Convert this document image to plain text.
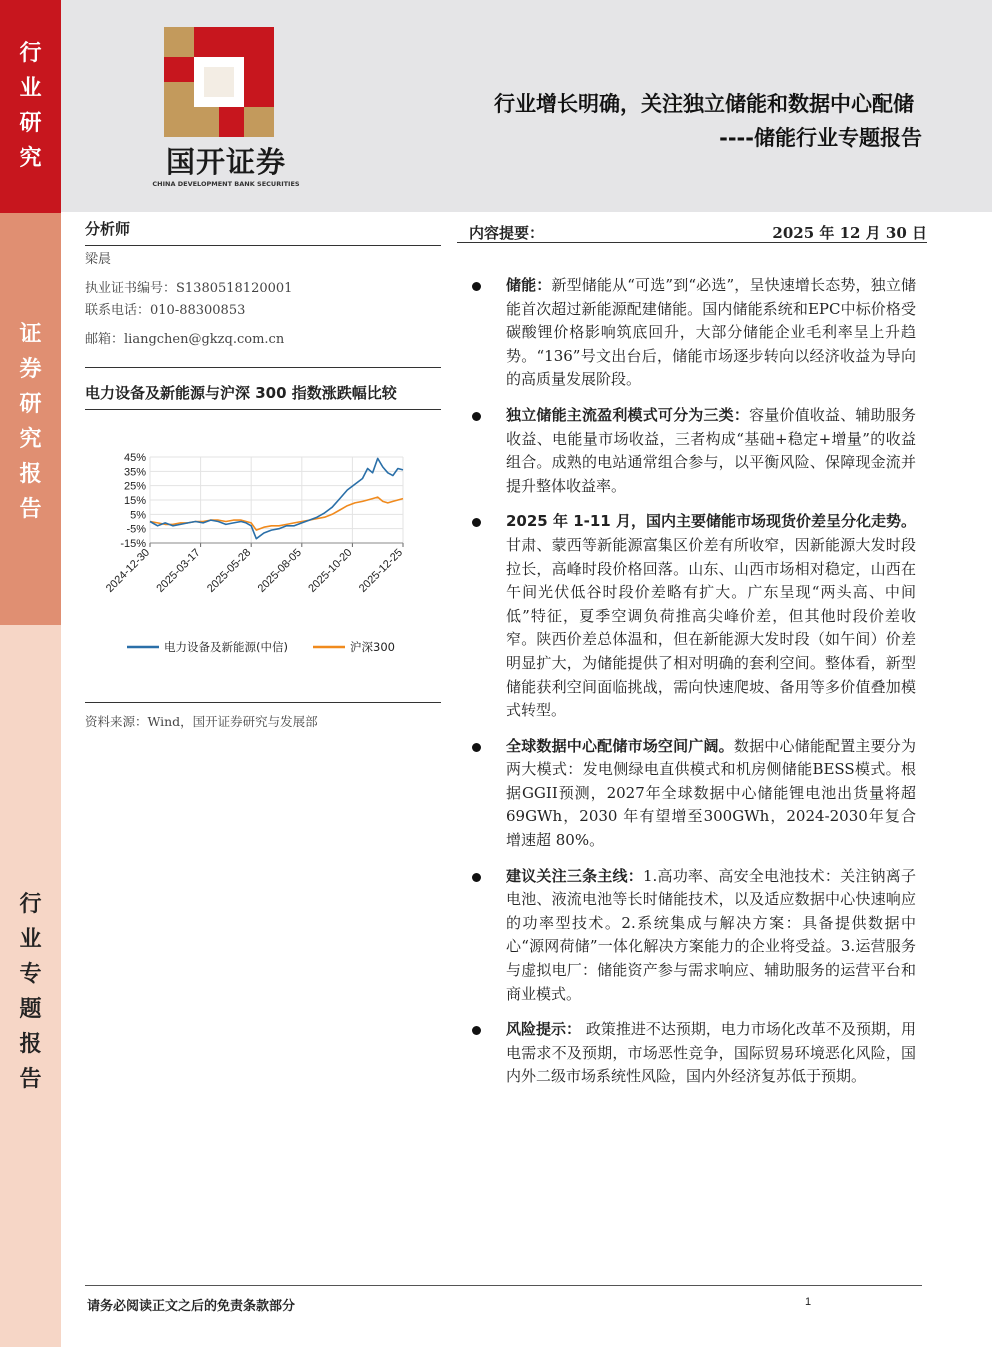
行
业
研
究
证
券
研
究
报
告
行
业
专
题
报
告
国开证券
CHINA DEVELOPMENT BANK SECURITIES
行业增长明确，关注独立储能和数据中心配储
----储能行业专题报告
分析师
梁晨
执业证书编号：S1380518120001
联系电话：010-88300853
邮箱：liangchen@gkzq.com.cn
电力设备及新能源与沪深 300 指数涨跌幅比较
45%
35%
25%
15%
5%
-5%
-15%
2024-12-30 2025-03-17 2025-05-28 2025-08-05 2025-10-20 2025-12-25
电力设备及新能源(中信)	沪深300
资料来源：Wind，国开证券研究与发展部
内容提要：	2025 年 12 月 30 日
储能：新型储能从“可选”到“必选”，呈快速增长态势，独立储能首次超过新能源配建储能。国内储能系统和EPC中标价格受碳酸锂价格影响筑底回升，大部分储能企业毛利率呈上升趋势。“136”号文出台后，储能市场逐步转向以经济收益为导向的高质量发展阶段。
独立储能主流盈利模式可分为三类：容量价值收益、辅助服务收益、电能量市场收益，三者构成“基础+稳定+增量”的收益组合。成熟的电站通常组合参与，以平衡风险、保障现金流并提升整体收益率。
2025 年 1-11 月，国内主要储能市场现货价差呈分化走势。甘肃、蒙西等新能源富集区价差有所收窄，因新能源大发时段拉长，高峰时段价格回落。山东、山西市场相对稳定，山西在午间光伏低谷时段价差略有扩大。广东呈现“两头高、中间低”特征，夏季空调负荷推高尖峰价差，但其他时段价差收窄。陕西价差总体温和，但在新能源大发时段（如午间）价差明显扩大，为储能提供了相对明确的套利空间。整体看，新型储能获利空间面临挑战，需向快速爬坡、备用等多价值叠加模式转型。
全球数据中心配储市场空间广阔。数据中心储能配置主要分为两大模式：发电侧绿电直供模式和机房侧储能BESS模式。根据GGII预测，2027年全球数据中心储能锂电池出货量将超 69GWh，2030 年有望增至300GWh，2024-2030年复合增速超 80%。
建议关注三条主线：1.高功率、高安全电池技术：关注钠离子电池、液流电池等长时储能技术，以及适应数据中心快速响应的功率型技术。2.系统集成与解决方案：具备提供数据中心“源网荷储”一体化解决方案能力的企业将受益。3.运营服务与虚拟电厂：储能资产参与需求响应、辅助服务的运营平台和商业模式。
风险提示： 政策推进不达预期，电力市场化改革不及预期，用电需求不及预期，市场恶性竞争，国际贸易环境恶化风险，国内外二级市场系统性风险，国内外经济复苏低于预期。
请务必阅读正文之后的免责条款部分	1
